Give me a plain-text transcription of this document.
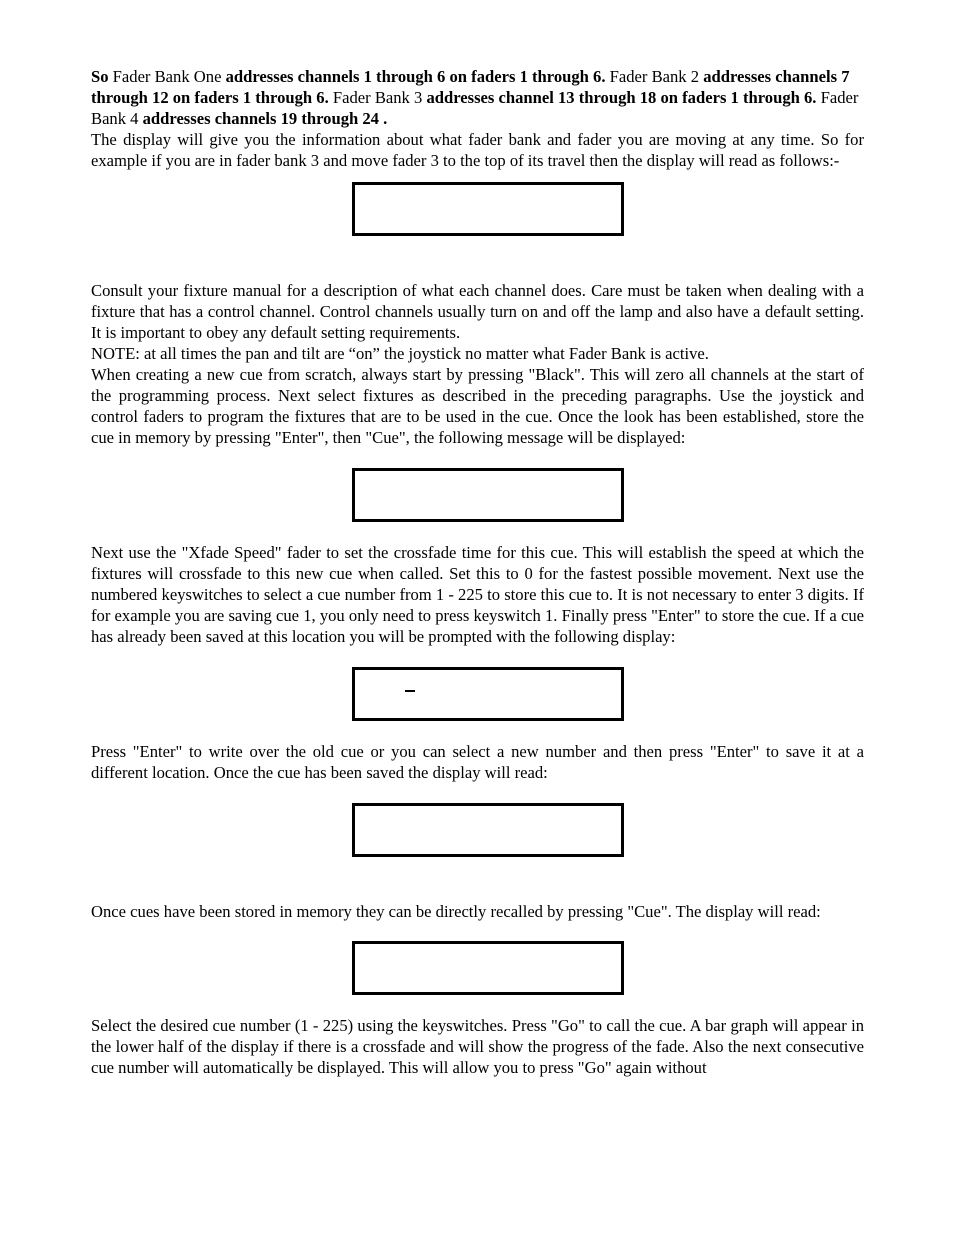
So Fader Bank One addresses channels 1 through 6 on faders 1 through 6. Fader Bank 2 addresses channels 7 through 12 on faders 1 through 6. Fader Bank 3 addresses channel 13 through 18 on faders 1 through 6. Fader Bank 4 addresses channels 19 through 24 .

The display will give you the information about what fader bank and fader you are moving at any time. So for example if you are in fader bank 3 and move fader 3 to the top of its travel then the display will read as follows:-

Consult your fixture manual for a description of what each channel does. Care must be taken when dealing with a fixture that has a control channel. Control channels usually turn on and off the lamp and also have a default setting. It is important to obey any default setting requirements.

NOTE: at all times the pan and tilt are “on” the joystick no matter what Fader Bank is active.

When creating a new cue from scratch, always start by pressing "Black". This will zero all channels at the start of the programming process. Next select fixtures as described in the preceding paragraphs. Use the joystick and control faders to program the fixtures that are to be used in the cue. Once the look has been established, store the cue in memory by pressing "Enter", then "Cue", the following message will be displayed:

Next use the "Xfade Speed" fader to set the crossfade time for this cue. This will establish the speed at which the fixtures will crossfade to this new cue when called. Set this to 0 for the fastest possible movement. Next use the numbered keyswitches to select a cue number from 1 - 225 to store this cue to. It is not necessary to enter 3 digits. If for example you are saving cue 1, you only need to press keyswitch 1. Finally press "Enter" to store the cue. If a cue has already been saved at this location you will be prompted with the following display:

Press "Enter" to write over the old cue or you can select a new number and then press "Enter" to save it at a different location. Once the cue has been saved the display will read:

Once cues have been stored in memory they can be directly recalled by pressing "Cue". The display will read:

Select the desired cue number (1 - 225) using the keyswitches. Press "Go" to call the cue. A bar graph will appear in the lower half of the display if there is a crossfade and will show the progress of the fade. Also the next consecutive cue number will automatically be displayed. This will allow you to press "Go" again without
